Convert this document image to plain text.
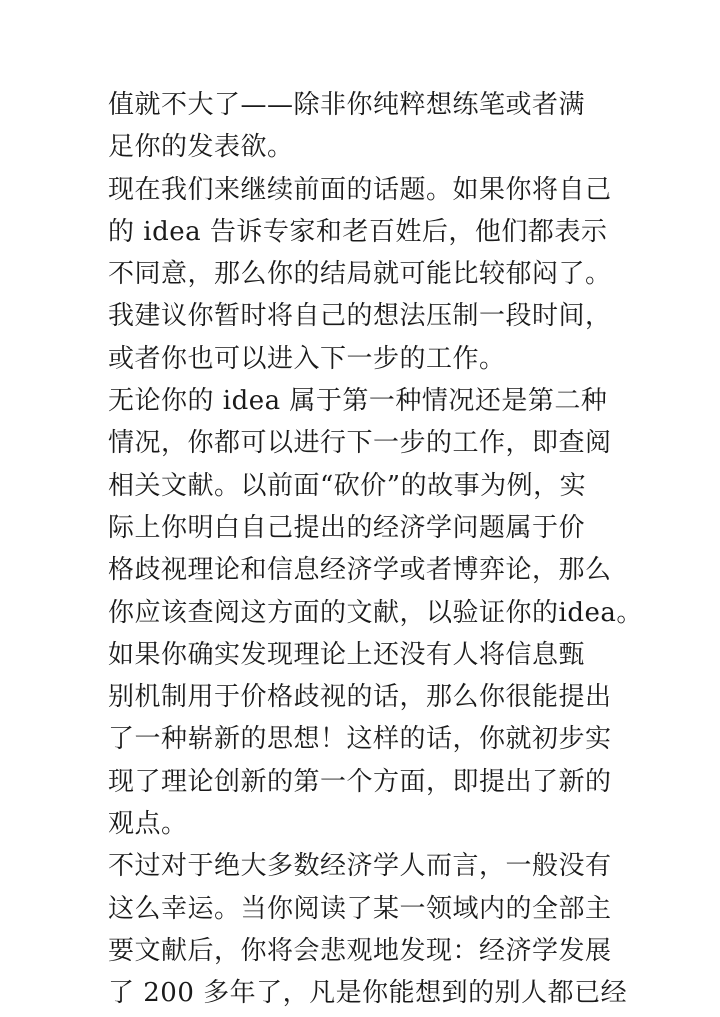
值就不大了——除非你纯粹想练笔或者满
足你的发表欲。
现在我们来继续前面的话题。如果你将自己
的 idea 告诉专家和老百姓后，他们都表示
不同意，那么你的结局就可能比较郁闷了。
我建议你暂时将自己的想法压制一段时间，
或者你也可以进入下一步的工作。
无论你的 idea 属于第一种情况还是第二种
情况，你都可以进行下一步的工作，即查阅
相关文献。以前面“砍价”的故事为例，实
际上你明白自己提出的经济学问题属于价
格歧视理论和信息经济学或者博弈论，那么
你应该查阅这方面的文献，以验证你的idea。
如果你确实发现理论上还没有人将信息甄
别机制用于价格歧视的话，那么你很能提出
了一种崭新的思想！这样的话，你就初步实
现了理论创新的第一个方面，即提出了新的
观点。
不过对于绝大多数经济学人而言，一般没有
这么幸运。当你阅读了某一领域内的全部主
要文献后，你将会悲观地发现：经济学发展
了 200 多年了，凡是你能想到的别人都已经
